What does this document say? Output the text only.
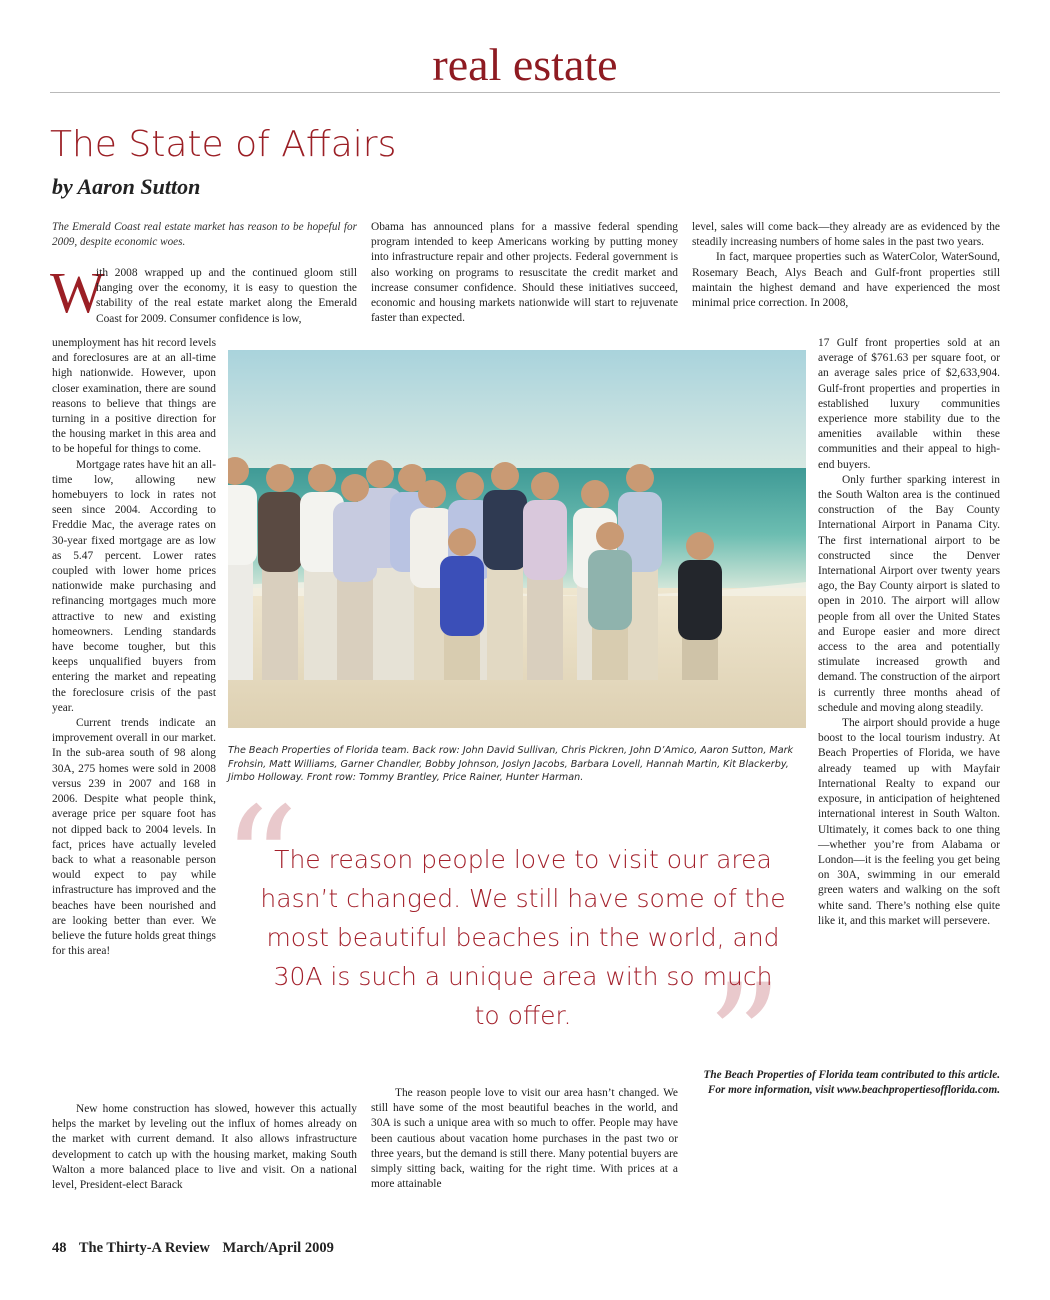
real estate
The State of Affairs
by Aaron Sutton
The Emerald Coast real estate market has reason to be hopeful for 2009, despite economic woes.
W

ith 2008 wrapped up and the continued gloom still hanging over the economy, it is easy to question the stability of the real estate market along the Emerald Coast for 2009. Consumer confidence is low,

unemployment has hit record levels and foreclosures are at an all-time high nationwide. However, upon closer examination, there are sound reasons to believe that things are turning in a positive direction for the housing market in this area and to be hopeful for things to come.

Mortgage rates have hit an all-time low, allowing new homebuyers to lock in rates not seen since 2004. According to Freddie Mac, the average rates on 30-year fixed mortgage are as low as 5.47 percent. Lower rates coupled with lower home prices nationwide make purchasing and refinancing mortgages much more attractive to new and existing homeowners. Lending standards have become tougher, but this keeps unqualified buyers from entering the market and repeating the foreclosure crisis of the past year.

Current trends indicate an improvement overall in our market. In the sub-area south of 98 along 30A, 275 homes were sold in 2008 versus 239 in 2007 and 168 in 2006. Despite what people think, average price per square foot has not dipped back to 2004 levels. In fact, prices have actually leveled back to what a reasonable person would expect to pay while infrastructure has improved and the beaches have been nourished and are looking better than ever. We believe the future holds great things for this area!

New home construction has slowed, however this actually helps the market by leveling out the influx of homes already on the market with current demand. It also allows infrastructure development to catch up with the housing market, making South Walton a more balanced place to live and visit. On a national level, President-elect Barack

Obama has announced plans for a massive federal spending program intended to keep Americans working by putting money into infrastructure repair and other projects. Federal government is also working on programs to resuscitate the credit market and increase consumer confidence. Should these initiatives succeed, economic and housing markets nationwide will start to rejuvenate faster than expected.

The reason people love to visit our area hasn’t changed. We still have some of the most beautiful beaches in the world, and 30A is such a unique area with so much to offer. People may have been cautious about vacation home purchases in the past two or three years, but the demand is still there. Many potential buyers are simply sitting back, waiting for the right time. With prices at a more attainable

level, sales will come back—they already are as evidenced by the steadily increasing numbers of home sales in the past two years.

In fact, marquee properties such as WaterColor, WaterSound, Rosemary Beach, Alys Beach and Gulf-front properties still maintain the highest demand and have experienced the most minimal price correction. In 2008,

17 Gulf front properties sold at an average of $761.63 per square foot, or an average sales price of $2,633,904. Gulf-front properties and properties in established luxury communities experience more stability due to the amenities available within these communities and their appeal to high-end buyers.

Only further sparking interest in the South Walton area is the continued construction of the Bay County International Airport in Panama City. The first international airport to be constructed since the Denver International Airport over twenty years ago, the Bay County airport is slated to open in 2010. The airport will allow people from all over the United States and Europe easier and more direct access to the area and potentially stimulate increased growth and demand. The construction of the airport is currently three months ahead of schedule and moving along steadily.

The airport should provide a huge boost to the local tourism industry. At Beach Properties of Florida, we have already teamed up with Mayfair International Realty to expand our exposure, in anticipation of heightened international interest in South Walton. Ultimately, it comes back to one thing—whether you’re from Alabama or London—it is the feeling you get being on 30A, swimming in our emerald green waters and walking on the soft white sand. There’s nothing else quite like it, and this market will persevere.

The Beach Properties of Florida team. Back row: John David Sullivan, Chris Pickren, John D’Amico, Aaron Sutton, Mark Frohsin, Matt Williams, Garner Chandler, Bobby Johnson, Joslyn Jacobs, Barbara Lovell, Hannah Martin, Kit Blackerby, Jimbo Holloway. Front row: Tommy Brantley, Price Rainer, Hunter Harman.
“
”
The reason people love to visit our area hasn’t changed. We still have some of the most beautiful beaches in the world, and 30A is such a unique area with so much to offer.
The Beach Properties of Florida team contributed to this article. For more information, visit www.beachpropertiesofflorida.com.
48 The Thirty-A Review March/April 2009
